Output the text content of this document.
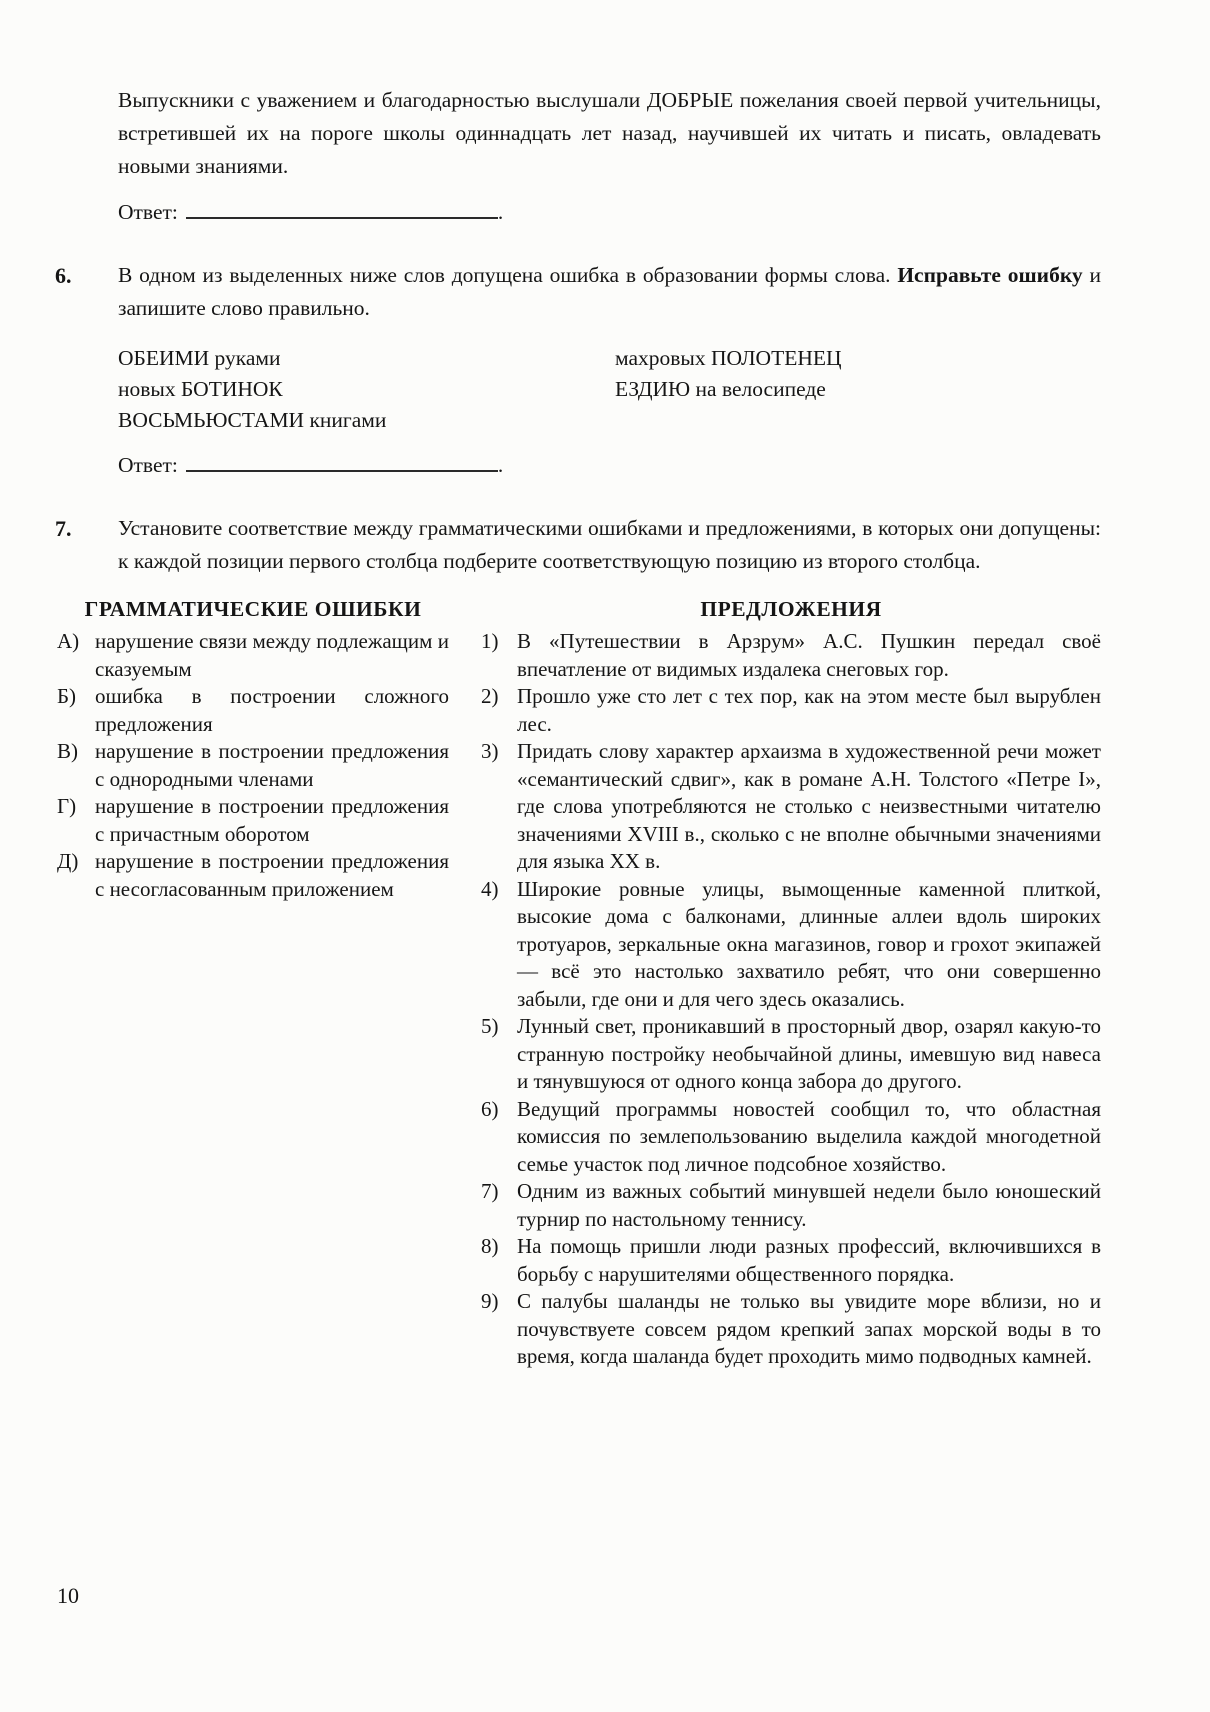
Выпускники с уважением и благодарностью выслушали ДОБРЫЕ пожелания своей первой учительницы, встретившей их на пороге школы одиннадцать лет назад, научившей их читать и писать, овладевать новыми знаниями.

Ответ:	.
6. В одном из выделенных ниже слов допущена ошибка в образовании формы слова. Исправьте ошибку и запишите слово правильно.

ОБЕИМИ руками
новых БОТИНОК
ВОСЬМЬЮСТАМИ книгами
махровых ПОЛОТЕНЕЦ
ЕЗДИЮ на велосипеде
Ответ:	.
7. Установите соответствие между грамматическими ошибками и предложениями, в которых они допущены: к каждой позиции первого столбца подберите соответствующую позицию из второго столбца.

ГРАММАТИЧЕСКИЕ ОШИБКИ
А) нарушение связи между подлежащим и сказуемым
Б) ошибка в построении сложного предложения
В) нарушение в построении предложения с однородными членами
Г) нарушение в построении предложения с причастным оборотом
Д) нарушение в построении предложения с несогласованным приложением
ПРЕДЛОЖЕНИЯ
1) В «Путешествии в Арзрум» А.С. Пушкин передал своё впечатление от видимых издалека снеговых гор.
2) Прошло уже сто лет с тех пор, как на этом месте был вырублен лес.
3) Придать слову характер архаизма в художественной речи может «семантический сдвиг», как в романе А.Н. Толстого «Петре I», где слова употребляются не столько с неизвестными читателю значениями XVIII в., сколько с не вполне обычными значениями для языка XX в.
4) Широкие ровные улицы, вымощенные каменной плиткой, высокие дома с балконами, длинные аллеи вдоль широких тротуаров, зеркальные окна магазинов, говор и грохот экипажей — всё это настолько захватило ребят, что они совершенно забыли, где они и для чего здесь оказались.
5) Лунный свет, проникавший в просторный двор, озарял какую-то странную постройку необычайной длины, имевшую вид навеса и тянувшуюся от одного конца забора до другого.
6) Ведущий программы новостей сообщил то, что областная комиссия по землепользованию выделила каждой многодетной семье участок под личное подсобное хозяйство.
7) Одним из важных событий минувшей недели было юношеский турнир по настольному теннису.
8) На помощь пришли люди разных профессий, включившихся в борьбу с нарушителями общественного порядка.
9) С палубы шаланды не только вы увидите море вблизи, но и почувствуете совсем рядом крепкий запах морской воды в то время, когда шаланда будет проходить мимо подводных камней.
10
